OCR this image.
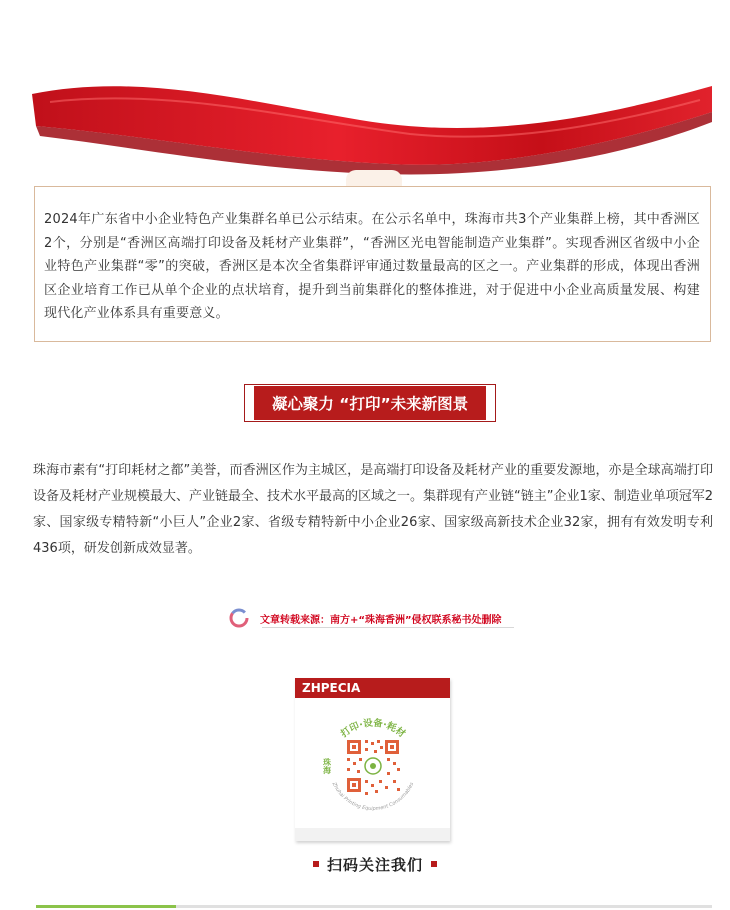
2024年广东省中小企业特色产业集群名单已公示结束。在公示名单中，珠海市共3个产业集群上榜，其中香洲区2个，分别是“香洲区高端打印设备及耗材产业集群”，“香洲区光电智能制造产业集群”。实现香洲区省级中小企业特色产业集群“零”的突破，香洲区是本次全省集群评审通过数量最高的区之一。产业集群的形成，体现出香洲区企业培育工作已从单个企业的点状培育，提升到当前集群化的整体推进，对于促进中小企业高质量发展、构建现代化产业体系具有重要意义。

凝心聚力 “打印”未来新图景

珠海市素有“打印耗材之都”美誉，而香洲区作为主城区，是高端打印设备及耗材产业的重要发源地，亦是全球高端打印设备及耗材产业规模最大、产业链最全、技术水平最高的区域之一。集群现有产业链“链主”企业1家、制造业单项冠军2家、国家级专精特新“小巨人”企业2家、省级专精特新中小企业26家、国家级高新技术企业32家，拥有有效发明专利436项，研发创新成效显著。

文章转载来源：南方+“珠海香洲”侵权联系秘书处删除
ZHPECIA
打印·设备·耗材
Zhuhai Printing Equipment Consumables
珠海
扫码关注我们
